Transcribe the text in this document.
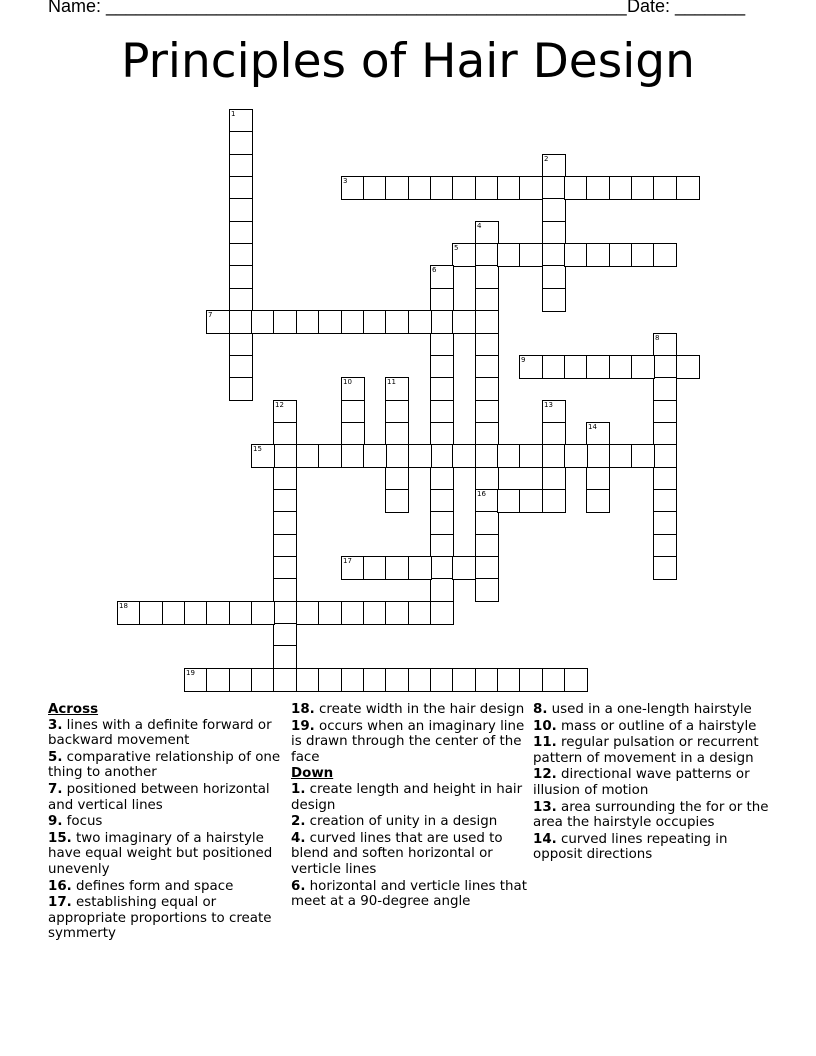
Name: ____________________________________________________ Date: _______
Principles of Hair Design
1
2
3
4
16
5
6
7
8
9
10	11
12	13
14
15
17
18
19
Across
3. lines with a definite forward or backward movement
5. comparative relationship of one thing to another
7. positioned between horizontal and vertical lines
9. focus
15. two imaginary of a hairstyle have equal weight but positioned unevenly
16. defines form and space
17. establishing equal or appropriate proportions to create symmerty
18. create width in the hair design
19. occurs when an imaginary line is drawn through the center of the face
Down
1. create length and height in hair design
2. creation of unity in a design
4. curved lines that are used to blend and soften horizontal or verticle lines
6. horizontal and verticle lines that meet at a 90-degree angle
8. used in a one-length hairstyle
10. mass or outline of a hairstyle
11. regular pulsation or recurrent pattern of movement in a design
12. directional wave patterns or illusion of motion
13. area surrounding the for or the area the hairstyle occupies
14. curved lines repeating in opposit directions
